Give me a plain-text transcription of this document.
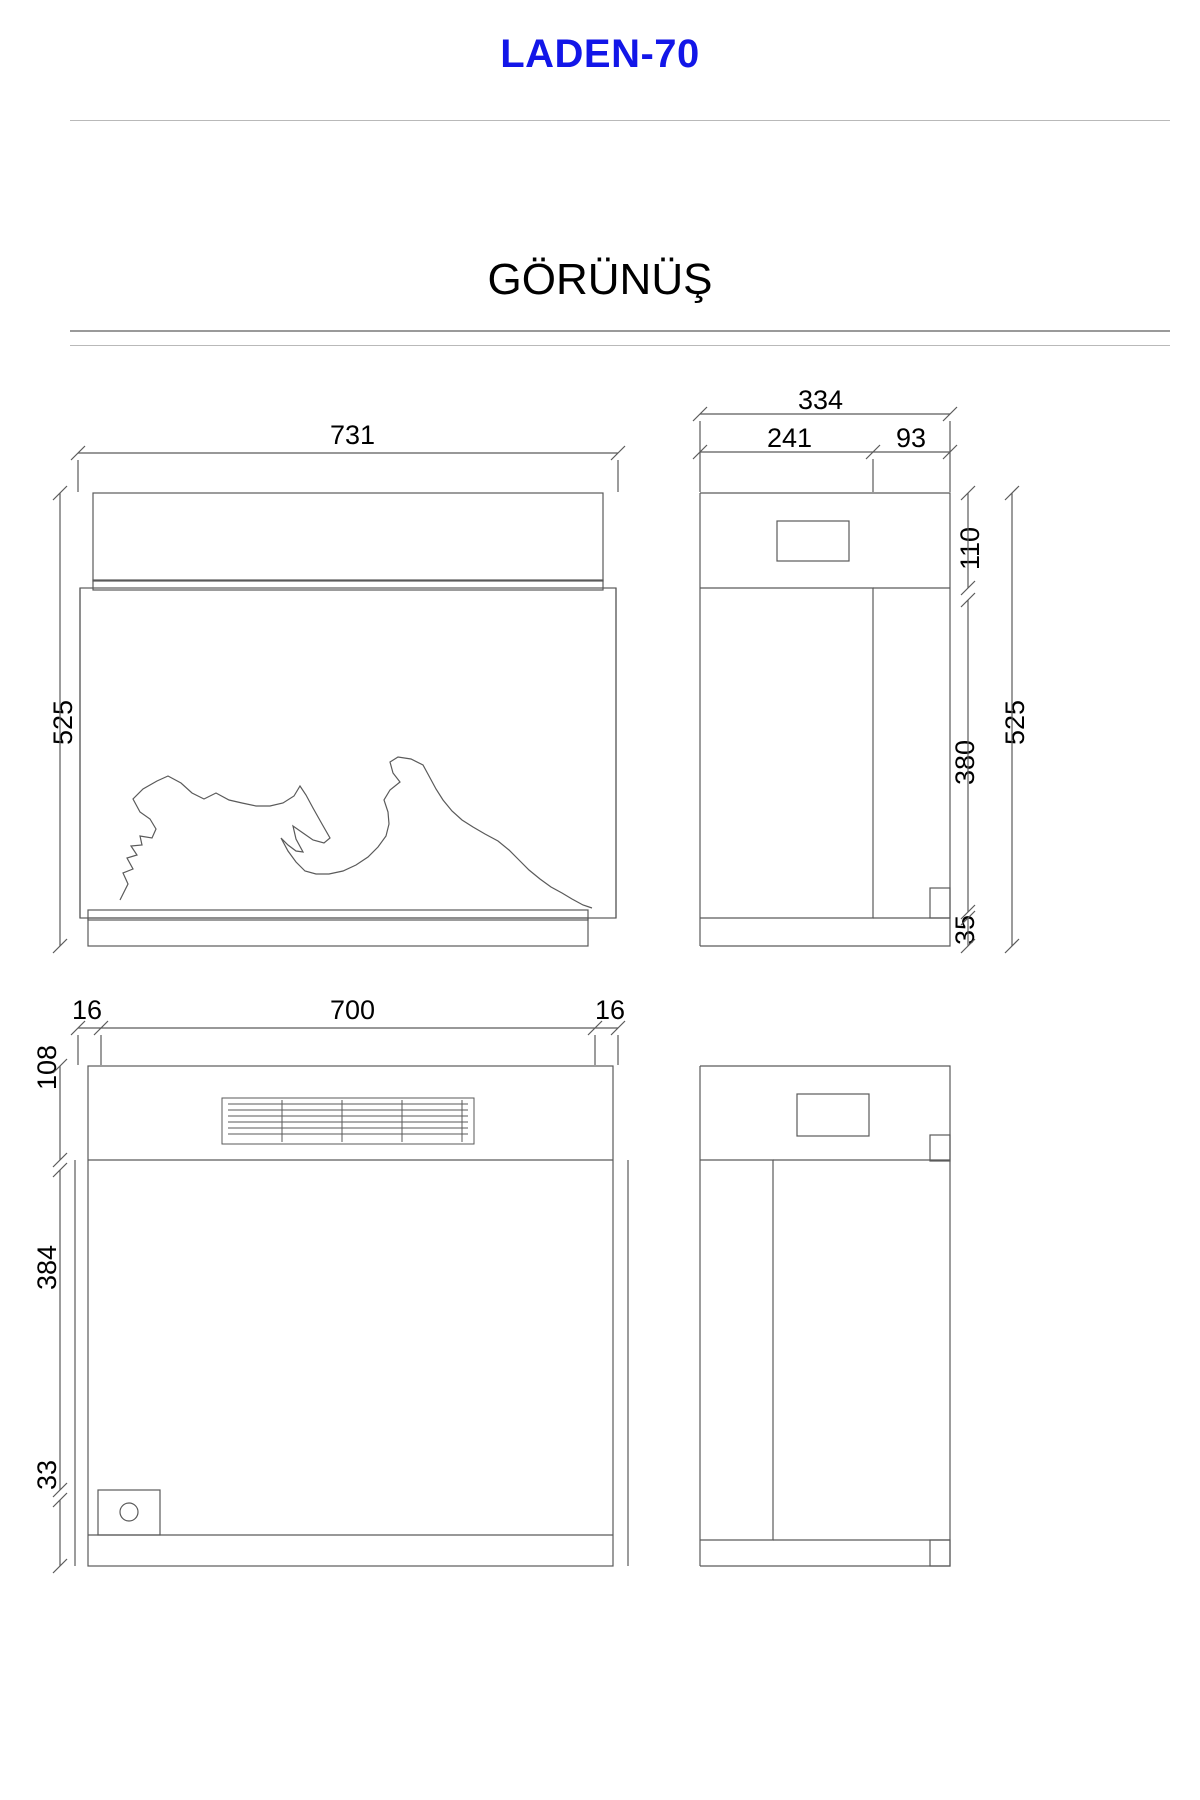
LADEN-70
GÖRÜNÜŞ
731
525
334
241	93
110
380
35
525
16	700	16
108
384
33
